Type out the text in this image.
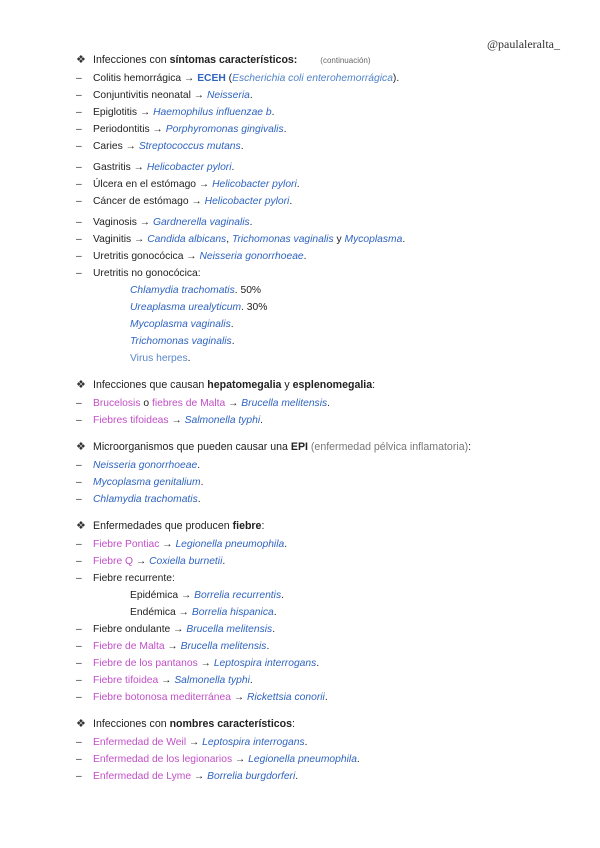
@paulaleralta_
❖ Infecciones con síntomas característicos:	(continuación)
– Colitis hemorrágica → ECEH (Escherichia coli enterohemorrágica).
– Conjuntivitis neonatal → Neisseria.
– Epiglotitis → Haemophilus influenzae b.
– Periodontitis → Porphyromonas gingivalis.
– Caries → Streptococcus mutans.
– Gastritis → Helicobacter pylori.
– Úlcera en el estómago → Helicobacter pylori.
– Cáncer de estómago → Helicobacter pylori.
– Vaginosis → Gardnerella vaginalis.
– Vaginitis → Candida albicans, Trichomonas vaginalis y Mycoplasma.
– Uretritis gonocócica → Neisseria gonorrhoeae.
– Uretritis no gonocócica:
Chlamydia trachomatis. 50%
Ureaplasma urealyticum. 30%
Mycoplasma vaginalis.
Trichomonas vaginalis.
Virus herpes.
❖ Infecciones que causan hepatomegalia y esplenomegalia:
– Brucelosis o fiebres de Malta → Brucella melitensis.
– Fiebres tifoideas → Salmonella typhi.
❖ Microorganismos que pueden causar una EPI (enfermedad pélvica inflamatoria):
– Neisseria gonorrhoeae.
– Mycoplasma genitalium.
– Chlamydia trachomatis.
❖ Enfermedades que producen fiebre:
– Fiebre Pontiac → Legionella pneumophila.
– Fiebre Q → Coxiella burnetii.
– Fiebre recurrente:
Epidémica → Borrelia recurrentis.
Endémica → Borrelia hispanica.
– Fiebre ondulante → Brucella melitensis.
– Fiebre de Malta → Brucella melitensis.
– Fiebre de los pantanos → Leptospira interrogans.
– Fiebre tifoidea → Salmonella typhi.
– Fiebre botonosa mediterránea → Rickettsia conorii.
❖ Infecciones con nombres característicos:
– Enfermedad de Weil → Leptospira interrogans.
– Enfermedad de los legionarios → Legionella pneumophila.
– Enfermedad de Lyme → Borrelia burgdorferi.
